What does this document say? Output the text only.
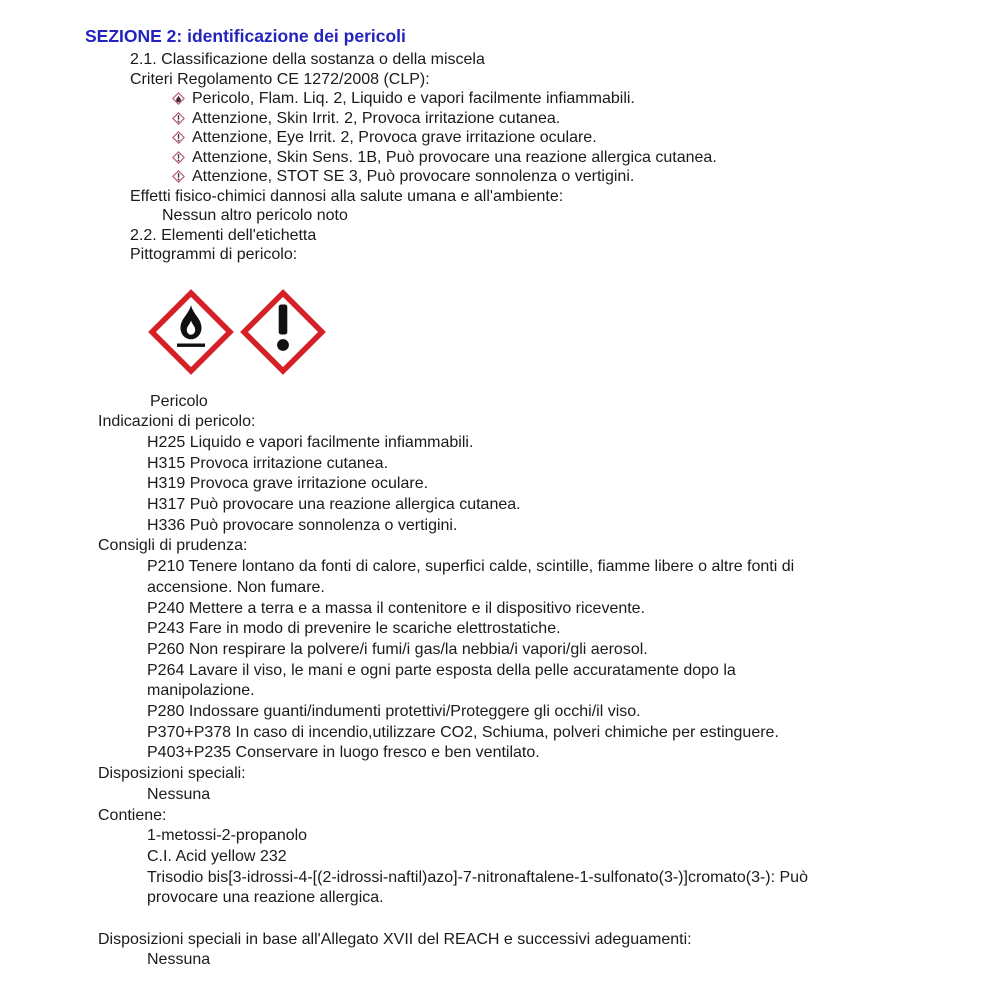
SEZIONE 2: identificazione dei pericoli
2.1. Classificazione della sostanza o della miscela
Criteri Regolamento CE 1272/2008 (CLP):
Pericolo, Flam. Liq. 2, Liquido e vapori facilmente infiammabili.
Attenzione, Skin Irrit. 2, Provoca irritazione cutanea.
Attenzione, Eye Irrit. 2, Provoca grave irritazione oculare.
Attenzione, Skin Sens. 1B, Può provocare una reazione allergica cutanea.
Attenzione, STOT SE 3, Può provocare sonnolenza o vertigini.
Effetti fisico-chimici dannosi alla salute umana e all'ambiente:
Nessun altro pericolo noto
2.2. Elementi dell'etichetta
Pittogrammi di pericolo:
Pericolo
Indicazioni di pericolo:
H225 Liquido e vapori facilmente infiammabili.
H315 Provoca irritazione cutanea.
H319 Provoca grave irritazione oculare.
H317 Può provocare una reazione allergica cutanea.
H336 Può provocare sonnolenza o vertigini.
Consigli di prudenza:
P210 Tenere lontano da fonti di calore, superfici calde, scintille, fiamme libere o altre fonti di
accensione. Non fumare.
P240 Mettere a terra e a massa il contenitore e il dispositivo ricevente.
P243 Fare in modo di prevenire le scariche elettrostatiche.
P260 Non respirare la polvere/i fumi/i gas/la nebbia/i vapori/gli aerosol.
P264 Lavare il viso, le mani e ogni parte esposta della pelle accuratamente dopo la
manipolazione.
P280 Indossare guanti/indumenti protettivi/Proteggere gli occhi/il viso.
P370+P378 In caso di incendio,utilizzare CO2, Schiuma, polveri chimiche per estinguere.
P403+P235 Conservare in luogo fresco e ben ventilato.
Disposizioni speciali:
Nessuna
Contiene:
1-metossi-2-propanolo
C.I. Acid yellow 232
Trisodio bis[3-idrossi-4-[(2-idrossi-naftil)azo]-7-nitronaftalene-1-sulfonato(3-)]cromato(3-): Può
provocare una reazione allergica.
Disposizioni speciali in base all'Allegato XVII del REACH e successivi adeguamenti:
Nessuna
